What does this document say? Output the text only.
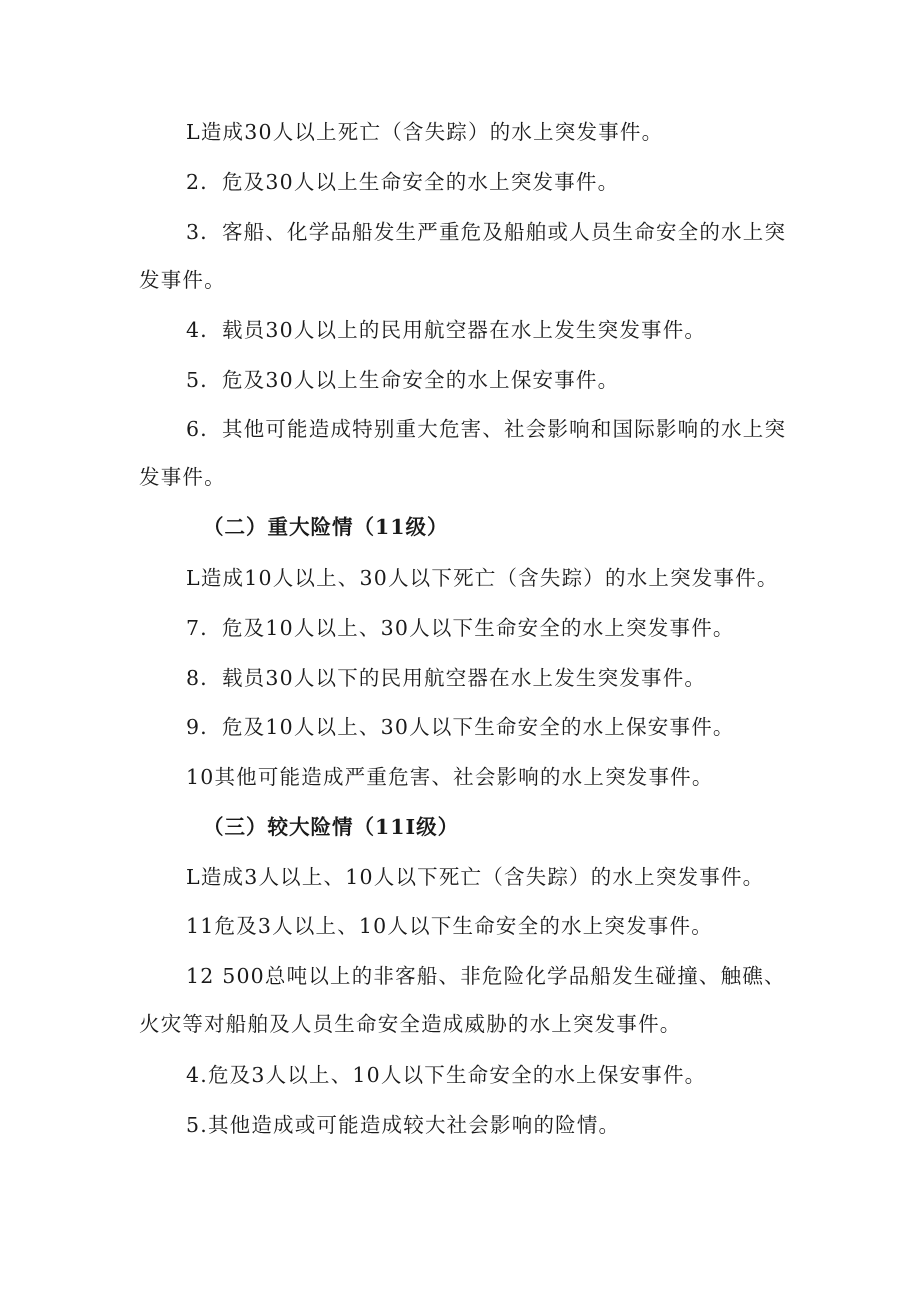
L造成30人以上死亡（含失踪）的水上突发事件。
2．危及30人以上生命安全的水上突发事件。
3．客船、化学品船发生严重危及船舶或人员生命安全的水上突发事件。
4．载员30人以上的民用航空器在水上发生突发事件。
5．危及30人以上生命安全的水上保安事件。
6．其他可能造成特别重大危害、社会影响和国际影响的水上突发事件。
（二）重大险情（11级）
L造成10人以上、30人以下死亡（含失踪）的水上突发事件。
7．危及10人以上、30人以下生命安全的水上突发事件。
8．载员30人以下的民用航空器在水上发生突发事件。
9．危及10人以上、30人以下生命安全的水上保安事件。
10其他可能造成严重危害、社会影响的水上突发事件。
（三）较大险情（11I级）
L造成3人以上、10人以下死亡（含失踪）的水上突发事件。
11危及3人以上、10人以下生命安全的水上突发事件。
12 500总吨以上的非客船、非危险化学品船发生碰撞、触礁、火灾等对船舶及人员生命安全造成威胁的水上突发事件。
4.危及3人以上、10人以下生命安全的水上保安事件。
5.其他造成或可能造成较大社会影响的险情。
